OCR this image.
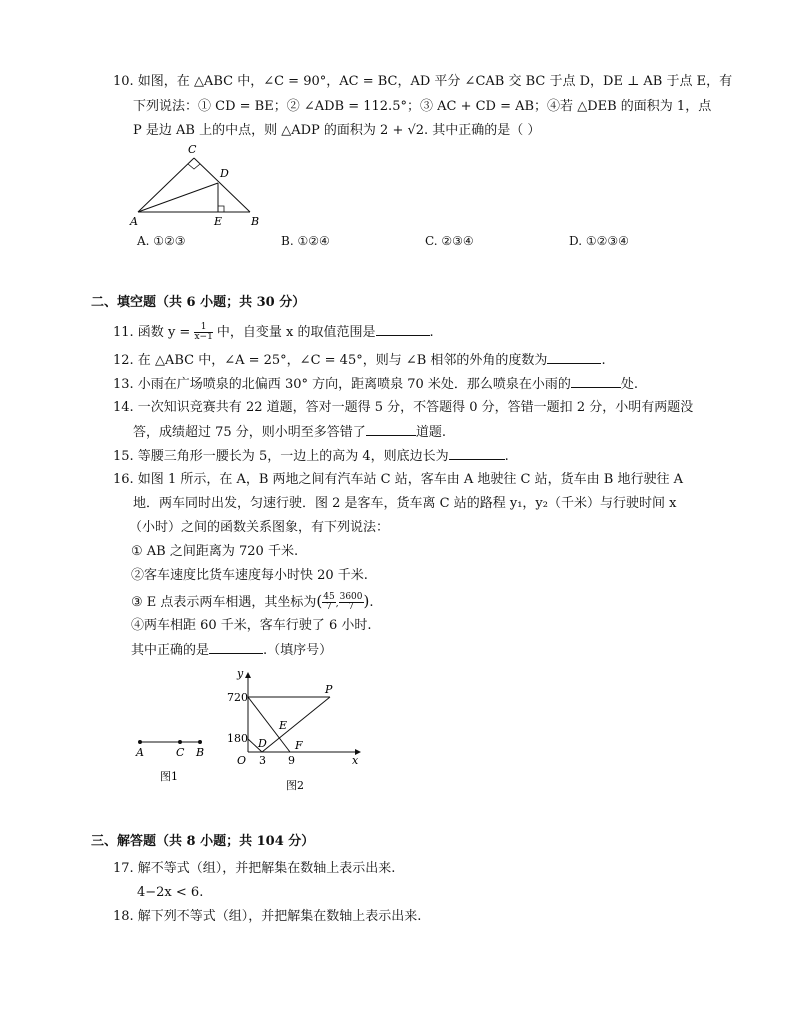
10. 如图，在 △ABC 中，∠C = 90°，AC = BC，AD 平分 ∠CAB 交 BC 于点 D，DE ⊥ AB 于点 E，有
下列说法：① CD = BE；② ∠ADB = 112.5°；③ AC + CD = AB；④若 △DEB 的面积为 1，点
P 是边 AB 上的中点，则 △ADP 的面积为 2 + √2. 其中正确的是（ ）
C
D
A	E	B
A. ①②③	B. ①②④	C. ②③④	D. ①②③④
二、填空题（共 6 小题；共 30 分）
11. 函数 $y = \frac{1}{x-1}$ 中，自变量 x 的取值范围是	.
12. 在 △ABC 中，∠A = 25°，∠C = 45°，则与 ∠B 相邻的外角的度数为	.
13. 小雨在广场喷泉的北偏西 30° 方向，距离喷泉 70 米处．那么喷泉在小雨的	处.
14. 一次知识竞赛共有 22 道题，答对一题得 5 分，不答题得 0 分，答错一题扣 2 分，小明有两题没
答，成绩超过 75 分，则小明至多答错了	道题.
15. 等腰三角形一腰长为 5，一边上的高为 4，则底边长为	.
16. 如图 1 所示，在 A，B 两地之间有汽车站 C 站，客车由 A 地驶往 C 站，货车由 B 地行驶往 A
地．两车同时出发，匀速行驶．图 2 是客车，货车离 C 站的路程 y₁，y₂（千米）与行驶时间 x
（小时）之间的函数关系图象，有下列说法：
① AB 之间距离为 720 千米.
②客车速度比货车速度每小时快 20 千米.
③ E 点表示两车相遇，其坐标为( $\frac{45}{7}$ , $\frac{3600}{7}$ ).
④两车相距 60 千米，客车行驶了 6 小时.
其中正确的是	.（填序号）
A	C B
图1
y
x
O
720
180
3 9
P
E
D	F
图2
三、解答题（共 8 小题；共 104 分）
17. 解不等式（组），并把解集在数轴上表示出来.
4−2x < 6.
18. 解下列不等式（组），并把解集在数轴上表示出来.
